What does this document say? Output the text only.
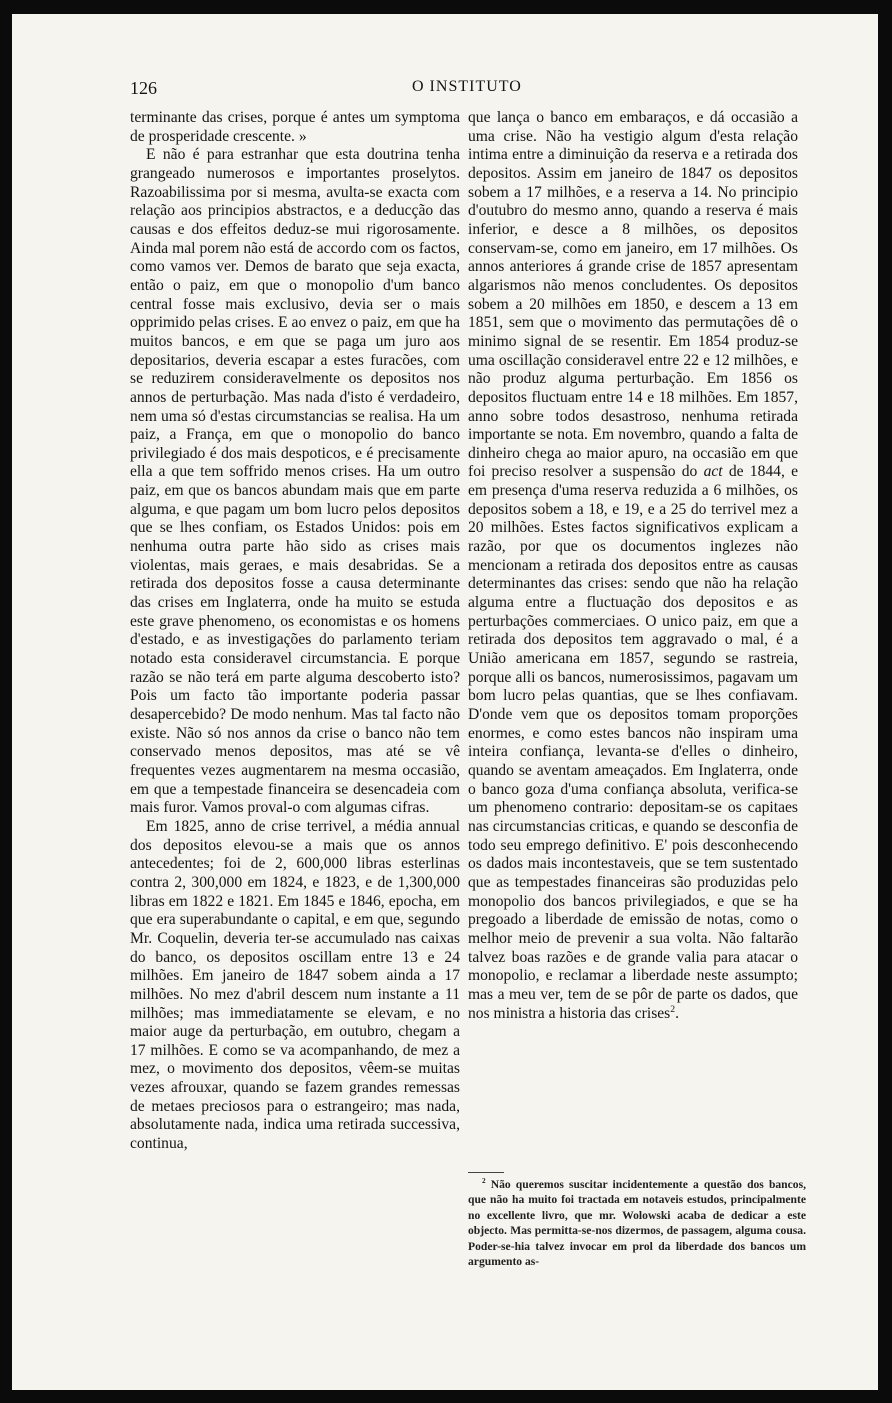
126	O INSTITUTO

terminante das crises, porque é antes um symptoma de prosperidade crescente. »

E não é para estranhar que esta doutrina tenha grangeado numerosos e importantes proselytos. Razoabilissima por si mesma, avulta-se exacta com relação aos principios abstractos, e a deducção das causas e dos effeitos deduz-se mui rigorosamente. Ainda mal porem não está de accordo com os factos, como vamos ver. Demos de barato que seja exacta, então o paiz, em que o monopolio d'um banco central fosse mais exclusivo, devia ser o mais opprimido pelas crises. E ao envez o paiz, em que ha muitos bancos, e em que se paga um juro aos depositarios, deveria escapar a estes furacões, com se reduzirem consideravelmente os depositos nos annos de perturbação. Mas nada d'isto é verdadeiro, nem uma só d'estas circumstancias se realisa. Ha um paiz, a França, em que o monopolio do banco privilegiado é dos mais despoticos, e é precisamente ella a que tem soffrido menos crises. Ha um outro paiz, em que os bancos abundam mais que em parte alguma, e que pagam um bom lucro pelos depositos que se lhes confiam, os Estados Unidos: pois em nenhuma outra parte hão sido as crises mais violentas, mais geraes, e mais desabridas. Se a retirada dos depositos fosse a causa determinante das crises em Inglaterra, onde ha muito se estuda este grave phenomeno, os economistas e os homens d'estado, e as investigações do parlamento teriam notado esta consideravel circumstancia. E porque razão se não terá em parte alguma descoberto isto? Pois um facto tão importante poderia passar desapercebido? De modo nenhum. Mas tal facto não existe. Não só nos annos da crise o banco não tem conservado menos depositos, mas até se vê frequentes vezes augmentarem na mesma occasião, em que a tempestade financeira se desencadeia com mais furor. Vamos proval-o com algumas cifras.

Em 1825, anno de crise terrivel, a média annual dos depositos elevou-se a mais que os annos antecedentes; foi de 2, 600,000 libras esterlinas contra 2, 300,000 em 1824, e 1823, e de 1,300,000 libras em 1822 e 1821. Em 1845 e 1846, epocha, em que era superabundante o capital, e em que, segundo Mr. Coquelin, deveria ter-se accumulado nas caixas do banco, os depositos oscillam entre 13 e 24 milhões. Em janeiro de 1847 sobem ainda a 17 milhões. No mez d'abril descem num instante a 11 milhões; mas immediatamente se elevam, e no maior auge da perturbação, em outubro, chegam a 17 milhões. E como se va acompanhando, de mez a mez, o movimento dos depositos, vêem-se muitas vezes afrouxar, quando se fazem grandes remessas de metaes preciosos para o estrangeiro; mas nada, absolutamente nada, indica uma retirada successiva, continua,

que lança o banco em embaraços, e dá occasião a uma crise. Não ha vestigio algum d'esta relação intima entre a diminuição da reserva e a retirada dos depositos. Assim em janeiro de 1847 os depositos sobem a 17 milhões, e a reserva a 14. No principio d'outubro do mesmo anno, quando a reserva é mais inferior, e desce a 8 milhões, os depositos conservam-se, como em janeiro, em 17 milhões. Os annos anteriores á grande crise de 1857 apresentam algarismos não menos concludentes. Os depositos sobem a 20 milhões em 1850, e descem a 13 em 1851, sem que o movimento das permutações dê o minimo signal de se resentir. Em 1854 produz-se uma oscillação consideravel entre 22 e 12 milhões, e não produz alguma perturbação. Em 1856 os depositos fluctuam entre 14 e 18 milhões. Em 1857, anno sobre todos desastroso, nenhuma retirada importante se nota. Em novembro, quando a falta de dinheiro chega ao maior apuro, na occasião em que foi preciso resolver a suspensão do act de 1844, e em presença d'uma reserva reduzida a 6 milhões, os depositos sobem a 18, e 19, e a 25 do terrivel mez a 20 milhões. Estes factos significativos explicam a razão, por que os documentos inglezes não mencionam a retirada dos depositos entre as causas determinantes das crises: sendo que não ha relação alguma entre a fluctuação dos depositos e as perturbações commerciaes. O unico paiz, em que a retirada dos depositos tem aggravado o mal, é a União americana em 1857, segundo se rastreia, porque alli os bancos, numerosissimos, pagavam um bom lucro pelas quantias, que se lhes confiavam. D'onde vem que os depositos tomam proporções enormes, e como estes bancos não inspiram uma inteira confiança, levanta-se d'elles o dinheiro, quando se aventam ameaçados. Em Inglaterra, onde o banco goza d'uma confiança absoluta, verifica-se um phenomeno contrario: depositam-se os capitaes nas circumstancias criticas, e quando se desconfia de todo seu emprego definitivo. E' pois desconhecendo os dados mais incontestaveis, que se tem sustentado que as tempestades financeiras são produzidas pelo monopolio dos bancos privilegiados, e que se ha pregoado a liberdade de emissão de notas, como o melhor meio de prevenir a sua volta. Não faltarão talvez boas razões e de grande valia para atacar o monopolio, e reclamar a liberdade neste assumpto; mas a meu ver, tem de se pôr de parte os dados, que nos ministra a historia das crises$^2$.

$^2$ Não queremos suscitar incidentemente a questão dos bancos, que não ha muito foi tractada em notaveis estudos, principalmente no excellente livro, que mr. Wolowski acaba de dedicar a este objecto. Mas permitta-se-nos dizermos, de passagem, alguma cousa. Poder-se-hia talvez invocar em prol da liberdade dos bancos um argumento as-
